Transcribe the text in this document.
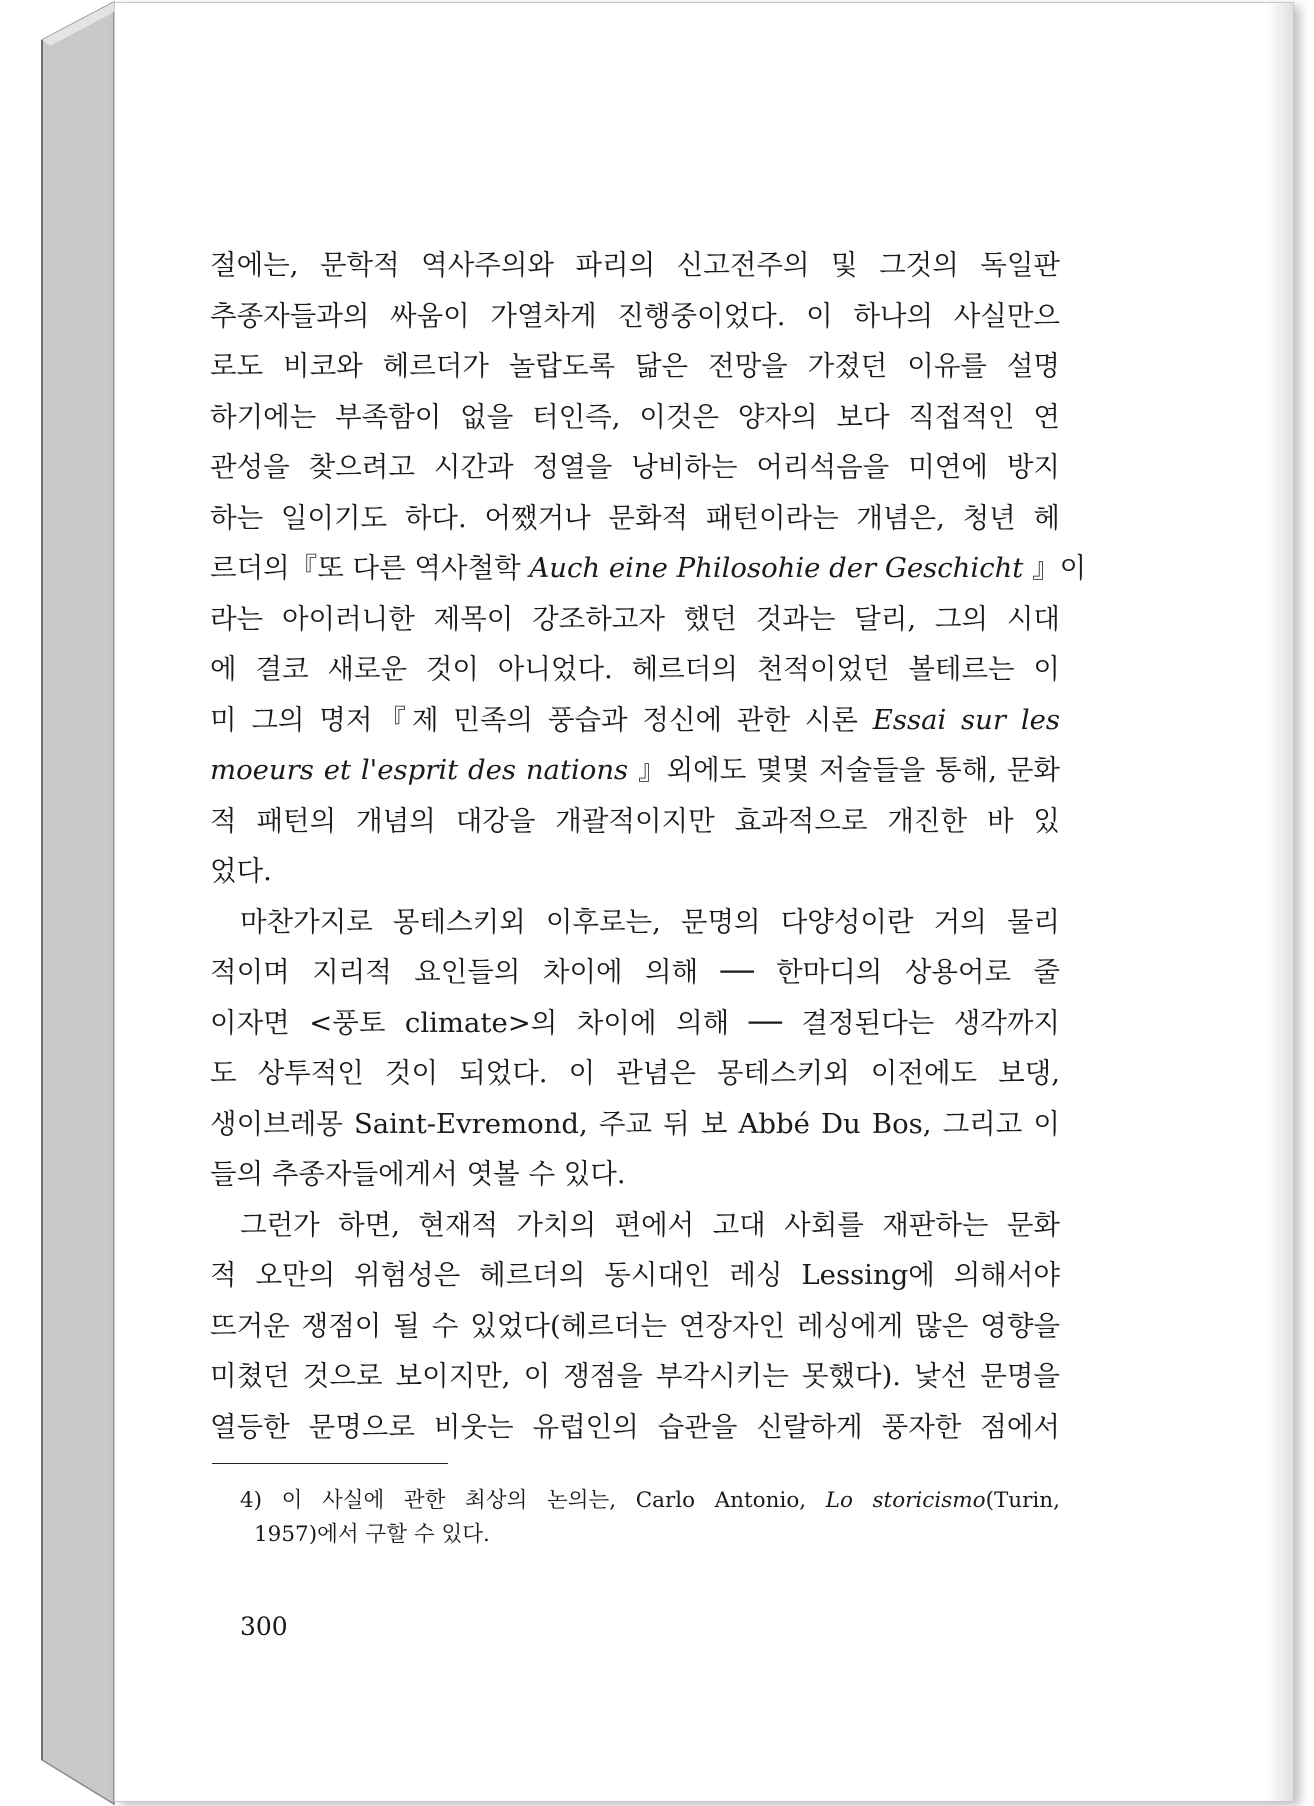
절에는, 문학적 역사주의와 파리의 신고전주의 및 그것의 독일판
추종자들과의 싸움이 가열차게 진행중이었다. 이 하나의 사실만으
로도 비코와 헤르더가 놀랍도록 닮은 전망을 가졌던 이유를 설명
하기에는 부족함이 없을 터인즉, 이것은 양자의 보다 직접적인 연
관성을 찾으려고 시간과 정열을 낭비하는 어리석음을 미연에 방지
하는 일이기도 하다. 어쨌거나 문화적 패턴이라는 개념은, 청년 헤
르더의『또 다른 역사철학 Auch eine Philosohie der Geschicht 』이
라는 아이러니한 제목이 강조하고자 했던 것과는 달리, 그의 시대
에 결코 새로운 것이 아니었다. 헤르더의 천적이었던 볼테르는 이
미 그의 명저『제 민족의 풍습과 정신에 관한 시론 Essai sur les
moeurs et l'esprit des nations 』외에도 몇몇 저술들을 통해, 문화
적 패턴의 개념의 대강을 개괄적이지만 효과적으로 개진한 바 있
었다.
마찬가지로 몽테스키외 이후로는, 문명의 다양성이란 거의 물리
적이며 지리적 요인들의 차이에 의해 ── 한마디의 상용어로 줄
이자면 <풍토 climate>의 차이에 의해 ── 결정된다는 생각까지
도 상투적인 것이 되었다. 이 관념은 몽테스키외 이전에도 보댕,
생이브레몽 Saint-Evremond, 주교 뒤 보 Abbé Du Bos, 그리고 이
들의 추종자들에게서 엿볼 수 있다.
그런가 하면, 현재적 가치의 편에서 고대 사회를 재판하는 문화
적 오만의 위험성은 헤르더의 동시대인 레싱 Lessing에 의해서야
뜨거운 쟁점이 될 수 있었다(헤르더는 연장자인 레싱에게 많은 영향을
미쳤던 것으로 보이지만, 이 쟁점을 부각시키는 못했다). 낯선 문명을
열등한 문명으로 비웃는 유럽인의 습관을 신랄하게 풍자한 점에서
4) 이 사실에 관한 최상의 논의는, Carlo Antonio, Lo storicismo(Turin,
1957)에서 구할 수 있다.
300
